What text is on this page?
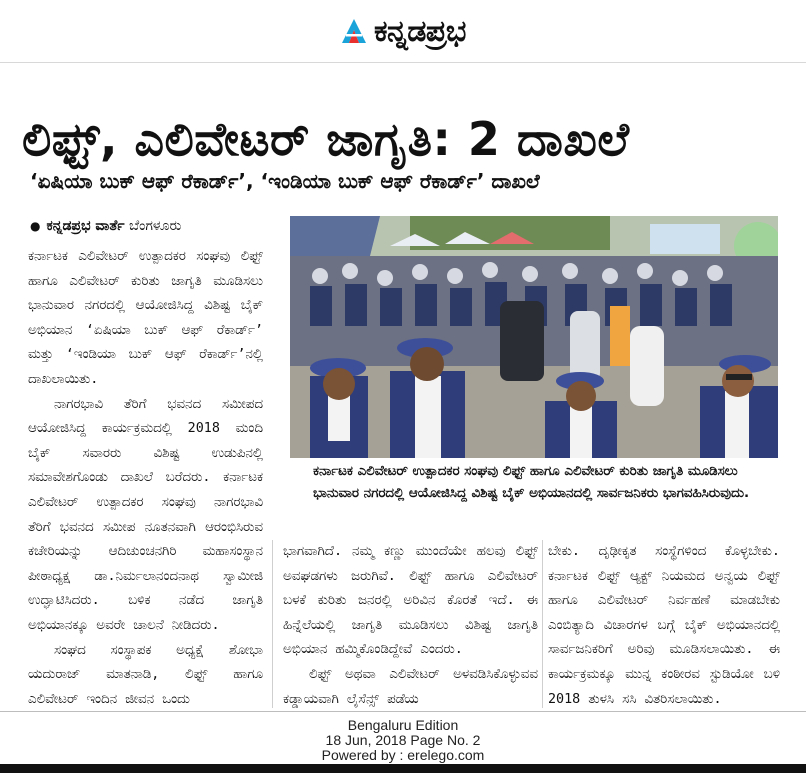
ಕನ್ನಡಪ್ರಭ
ಲಿಫ್ಟ್, ಎಲಿವೇಟರ್ ಜಾಗೃತಿ: 2 ದಾಖಲೆ
‘ಏಷಿಯಾ ಬುಕ್ ಆಫ್ ರೆಕಾರ್ಡ್’, ‘ಇಂಡಿಯಾ ಬುಕ್ ಆಫ್ ರೆಕಾರ್ಡ್’ ದಾಖಲೆ
● ಕನ್ನಡಪ್ರಭ ವಾರ್ತೆ ಬೆಂಗಳೂರು

ಕರ್ನಾಟಕ ಎಲಿವೇಟರ್ ಉತ್ಪಾದಕರ ಸಂಘವು ಲಿಫ್ಟ್ ಹಾಗೂ ಎಲಿವೇಟರ್ ಕುರಿತು ಜಾಗೃತಿ ಮೂಡಿಸಲು ಭಾನುವಾರ ನಗರದಲ್ಲಿ ಆಯೋಜಿಸಿದ್ದ ವಿಶಿಷ್ಟ ಬೈಕ್ ಅಭಿಯಾನ ‘ಏಷಿಯಾ ಬುಕ್ ಆಫ್ ರೆಕಾರ್ಡ್’ ಮತ್ತು ‘ಇಂಡಿಯಾ ಬುಕ್ ಆಫ್ ರೆಕಾರ್ಡ್’ನಲ್ಲಿ ದಾಖಲಾಯಿತು.

ನಾಗರಭಾವಿ ತೆರಿಗೆ ಭವನದ ಸಮೀಪದ ಆಯೋಜಿಸಿದ್ದ ಕಾರ್ಯಕ್ರಮದಲ್ಲಿ 2018 ಮಂದಿ ಬೈಕ್ ಸವಾರರು ವಿಶಿಷ್ಟ ಉಡುಪಿನಲ್ಲಿ ಸಮಾವೇಶಗೊಂಡು ದಾಖಲೆ ಬರೆದರು. ಕರ್ನಾಟಕ ಎಲಿವೇಟರ್ ಉತ್ಪಾದಕರ ಸಂಘವು ನಾಗರಭಾವಿ ತೆರಿಗೆ ಭವನದ ಸಮೀಪ ನೂತನವಾಗಿ ಆರಂಭಿಸಿರುವ ಕಚೇರಿಯನ್ನು ಆದಿಚುಂಚನಗಿರಿ ಮಹಾಸಂಸ್ಥಾನ ಪೀಠಾಧ್ಯಕ್ಷ ಡಾ.ನಿರ್ಮಲಾನಂದನಾಥ ಸ್ವಾಮೀಜಿ ಉದ್ಘಾಟಿಸಿದರು. ಬಳಿಕ ನಡೆದ ಜಾಗೃತಿ ಅಭಿಯಾನಕ್ಕೂ ಅವರೇ ಚಾಲನೆ ನೀಡಿದರು.

ಸಂಘದ ಸಂಸ್ಥಾಪಕ ಅಧ್ಯಕ್ಷೆ ಶೋಭಾ ಯದುರಾಜ್ ಮಾತನಾಡಿ, ಲಿಫ್ಟ್ ಹಾಗೂ ಎಲಿವೇಟರ್ ಇಂದಿನ ಜೀವನ ಒಂದು

ಕರ್ನಾಟಕ ಎಲಿವೇಟರ್ ಉತ್ಪಾದಕರ ಸಂಘವು ಲಿಫ್ಟ್ ಹಾಗೂ ಎಲಿವೇಟರ್ ಕುರಿತು ಜಾಗೃತಿ ಮೂಡಿಸಲು ಭಾನುವಾರ ನಗರದಲ್ಲಿ ಆಯೋಜಿಸಿದ್ದ ವಿಶಿಷ್ಟ ಬೈಕ್ ಅಭಿಯಾನದಲ್ಲಿ ಸಾರ್ವಜನಿಕರು ಭಾಗವಹಿಸಿರುವುದು.

ಭಾಗವಾಗಿದೆ. ನಮ್ಮ ಕಣ್ಣು ಮುಂದೆಯೇ ಹಲವು ಲಿಫ್ಟ್ ಅವಘಡಗಳು ಜರುಗಿವೆ. ಲಿಫ್ಟ್ ಹಾಗೂ ಎಲಿವೇಟರ್ ಬಳಕೆ ಕುರಿತು ಜನರಲ್ಲಿ ಅರಿವಿನ ಕೊರತೆ ಇದೆ. ಈ ಹಿನ್ನೆಲೆಯಲ್ಲಿ ಜಾಗೃತಿ ಮೂಡಿಸಲು ವಿಶಿಷ್ಟ ಜಾಗೃತಿ ಅಭಿಯಾನ ಹಮ್ಮಿಕೊಂಡಿದ್ದೇವೆ ಎಂದರು.

ಲಿಫ್ಟ್ ಅಥವಾ ಎಲಿವೇಟರ್ ಅಳವಡಿಸಿಕೊಳ್ಳುವವ ಕಡ್ಡಾಯವಾಗಿ ಲೈಸೆನ್ಸ್ ಪಡೆಯ

ಬೇಕು. ದೃಢೀಕೃತ ಸಂಸ್ಥೆಗಳಿಂದ ಕೊಳ್ಳಬೇಕು. ಕರ್ನಾಟಕ ಲಿಫ್ಟ್ ಆ್ಯಕ್ಟ್ ನಿಯಮದ ಅನ್ವಯ ಲಿಫ್ಟ್ ಹಾಗೂ ಎಲಿವೇಟರ್ ನಿರ್ವಹಣೆ ಮಾಡಬೇಕು ಎಂಬಿತ್ಯಾದಿ ವಿಚಾರಗಳ ಬಗ್ಗೆ ಬೈಕ್ ಅಭಿಯಾನದಲ್ಲಿ ಸಾರ್ವಜನಿಕರಿಗೆ ಅರಿವು ಮೂಡಿಸಲಾಯಿತು. ಈ ಕಾರ್ಯಕ್ರಮಕ್ಕೂ ಮುನ್ನ ಕಂಠೀರವ ಸ್ಟುಡಿಯೋ ಬಳಿ 2018 ತುಳಸಿ ಸಸಿ ವಿತರಿಸಲಾಯಿತು.

Bengaluru Edition
18 Jun, 2018 Page No. 2
Powered by : erelego.com
